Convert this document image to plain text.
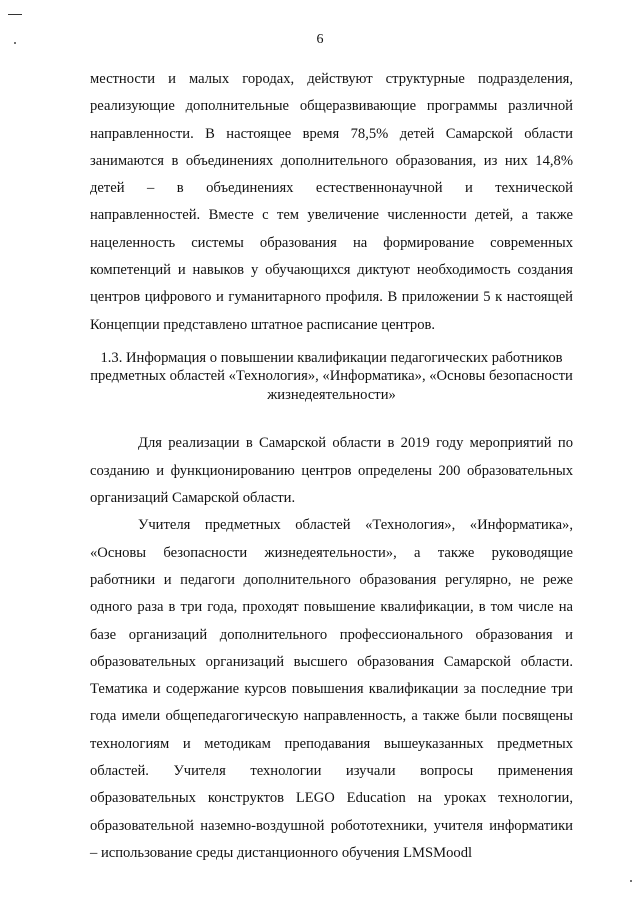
6

местности и малых городах, действуют структурные подразделения, реализующие дополнительные общеразвивающие программы различной направленности. В настоящее время 78,5% детей Самарской области занимаются в объединениях дополнительного образования, из них 14,8% детей – в объединениях естественнонаучной и технической направленностей. Вместе с тем увеличение численности детей, а также нацеленность системы образования на формирование современных компетенций и навыков у обучающихся диктуют необходимость создания центров цифрового и гуманитарного профиля. В приложении 5 к настоящей Концепции представлено штатное расписание центров.

1.3. Информация о повышении квалификации педагогических работников предметных областей «Технология», «Информатика», «Основы безопасности жизнедеятельности»

Для реализации в Самарской области в 2019 году мероприятий по созданию и функционированию центров определены 200 образовательных организаций Самарской области.

Учителя предметных областей «Технология», «Информатика», «Основы безопасности жизнедеятельности», а также руководящие работники и педагоги дополнительного образования регулярно, не реже одного раза в три года, проходят повышение квалификации, в том числе на базе организаций дополнительного профессионального образования и образовательных организаций высшего образования Самарской области. Тематика и содержание курсов повышения квалификации за последние три года имели общепедагогическую направленность, а также были посвящены технологиям и методикам преподавания вышеуказанных предметных областей. Учителя технологии изучали вопросы применения образовательных конструктов LEGO Education на уроках технологии, образовательной наземно-воздушной робототехники, учителя информатики – использование среды дистанционного обучения LMSMoodl
